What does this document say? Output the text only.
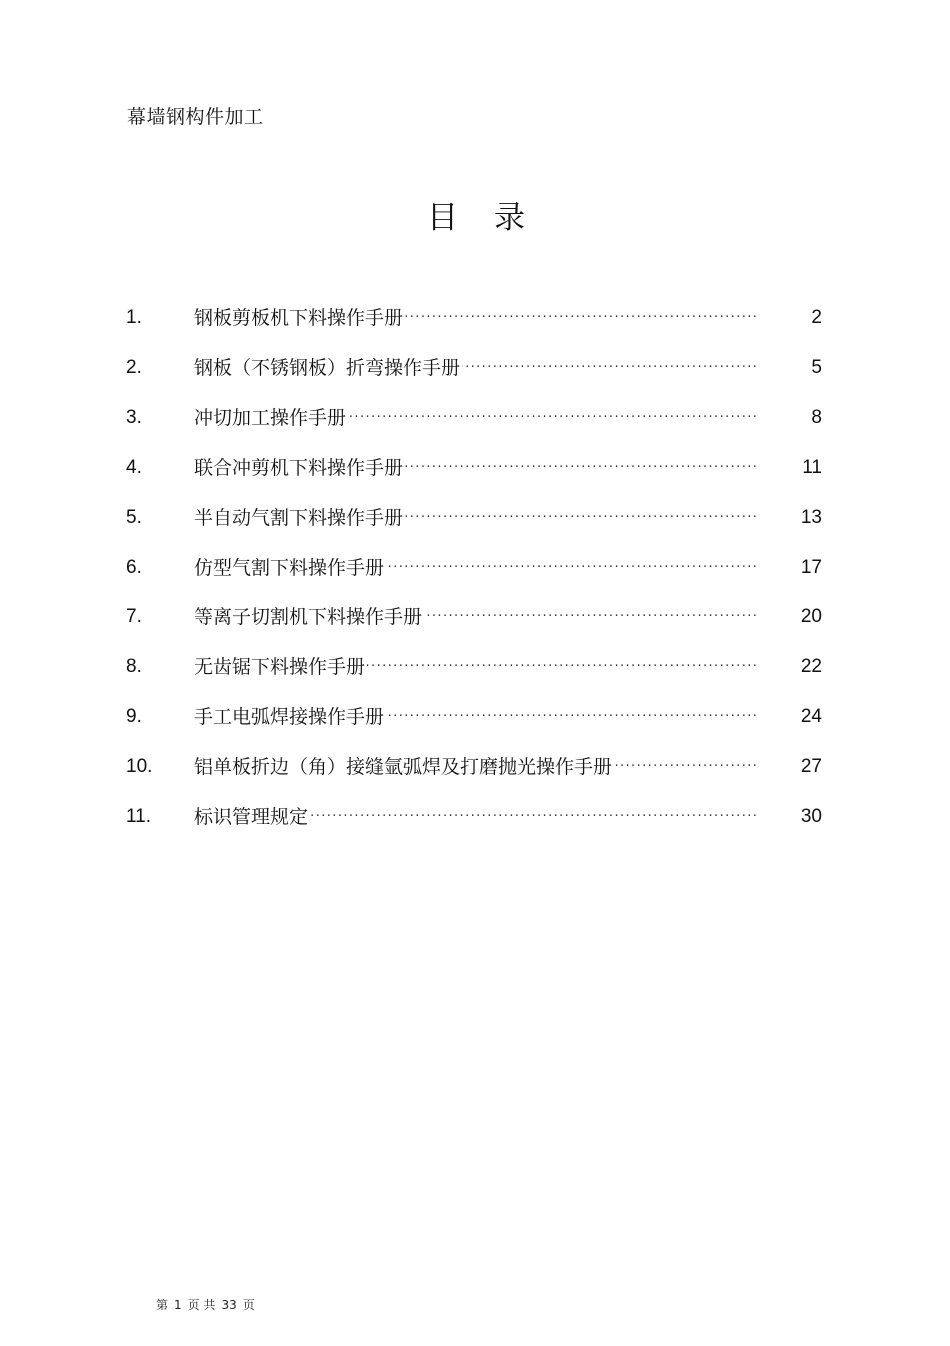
幕墙钢构件加工
目录
1.	钢板剪板机下料操作手册 ·····	2
2.	钢板（不锈钢板）折弯操作手册 ·····	5
3.	冲切加工操作手册 ·····	8
4.	联合冲剪机下料操作手册 ·····	11
5.	半自动气割下料操作手册 ·····	13
6.	仿型气割下料操作手册 ·····	17
7.	等离子切割机下料操作手册 ·····	20
8.	无齿锯下料操作手册 ·····	22
9.	手工电弧焊接操作手册 ·····	24
10. 铝单板折边（角）接缝氩弧焊及打磨抛光操作手册 ·····	27
11. 标识管理规定 ·····	30
第 1 页 共 33 页
